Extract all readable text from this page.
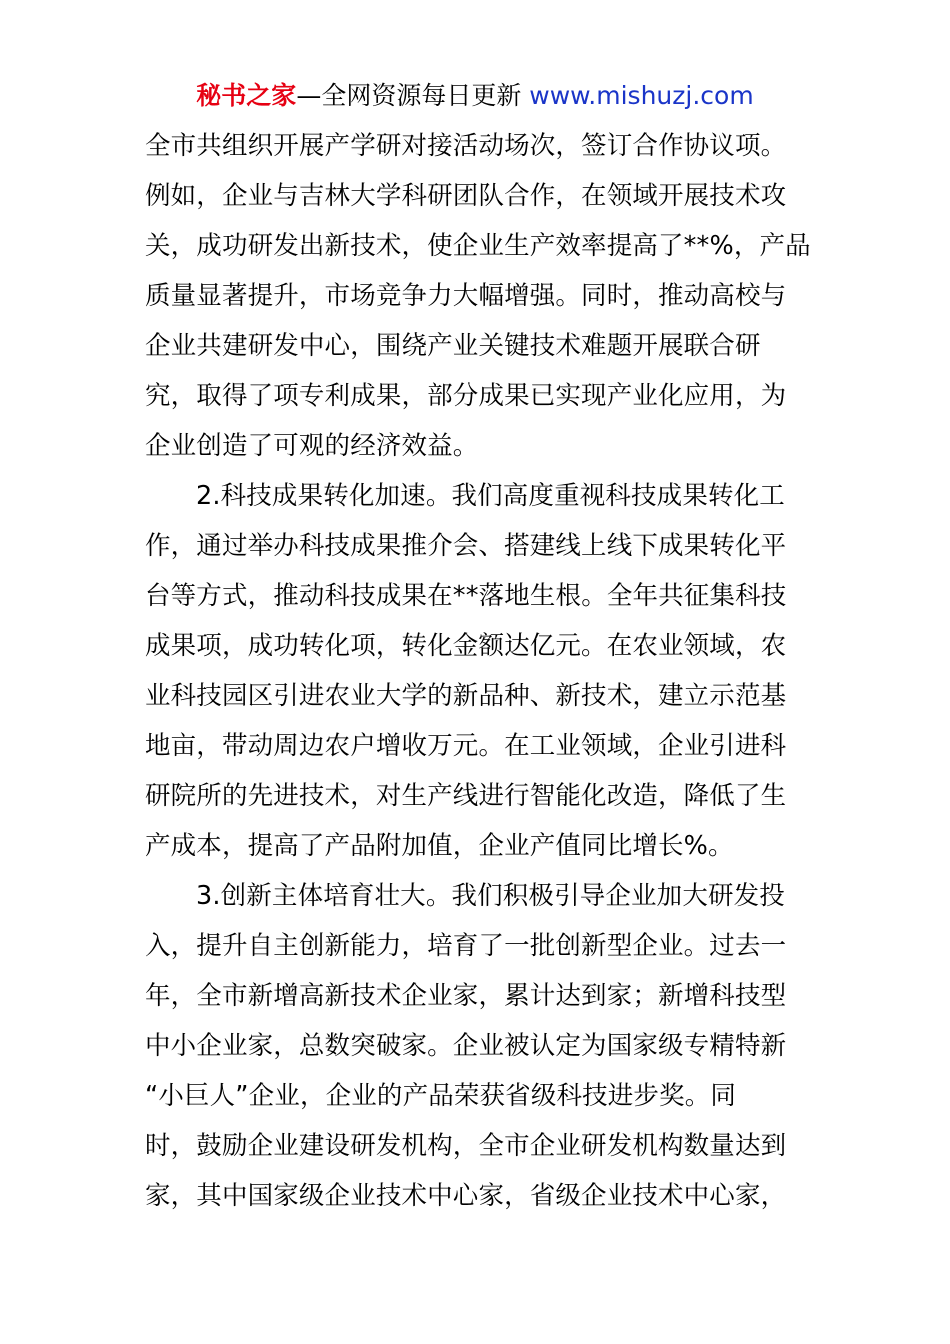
秘书之家—全网资源每日更新 www.mishuzj.com
全市共组织开展产学研对接活动场次，签订合作协议项。
例如，企业与吉林大学科研团队合作，在领域开展技术攻
关，成功研发出新技术，使企业生产效率提高了**%，产品
质量显著提升，市场竞争力大幅增强。同时，推动高校与
企业共建研发中心，围绕产业关键技术难题开展联合研
究，取得了项专利成果，部分成果已实现产业化应用，为
企业创造了可观的经济效益。
2.科技成果转化加速。我们高度重视科技成果转化工
作，通过举办科技成果推介会、搭建线上线下成果转化平
台等方式，推动科技成果在**落地生根。全年共征集科技
成果项，成功转化项，转化金额达亿元。在农业领域，农
业科技园区引进农业大学的新品种、新技术，建立示范基
地亩，带动周边农户增收万元。在工业领域，企业引进科
研院所的先进技术，对生产线进行智能化改造，降低了生
产成本，提高了产品附加值，企业产值同比增长%。
3.创新主体培育壮大。我们积极引导企业加大研发投
入，提升自主创新能力，培育了一批创新型企业。过去一
年，全市新增高新技术企业家，累计达到家；新增科技型
中小企业家，总数突破家。企业被认定为国家级专精特新
“小巨人”企业，企业的产品荣获省级科技进步奖。同
时，鼓励企业建设研发机构，全市企业研发机构数量达到
家，其中国家级企业技术中心家，省级企业技术中心家，
